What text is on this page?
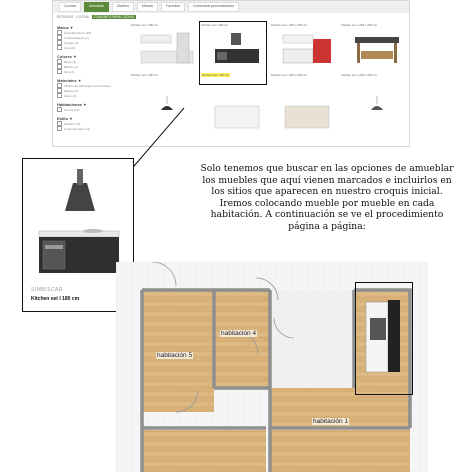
Cocinas	Amueblar	Diseños	Marcas	Favoritos	Contenidos personalizados
ESTUDIOS COCINA	CONJUNTO PARA COCINA
Marca ▾
Amueblamiento (20)
Confortasheets (7)
Garage (3)
Gent (2)
Colores ▾
Beige (3)
Blanco (4)
Gris (2)
Materiales ▾
Tablero de partículas con laminado
Madera (1)
Acero (2)
Habitaciones ▾
Cocina (20)
Estilo ▾
Moderno (5)
Contemporáneo (3)
Kitchen set I 180 cm
Kitchen set I 180 cm
Kitchen set I 180 cm
Kitchen set I 180 cm
Kitchen set L 240 x 200 cm
Kitchen set L 240 x 200 cm
Kitchen set L 240 x 200 cm
Kitchen set L 240 x 200 cm
SIMBISCAR
Kitchen set I 180 cm
Solo tenemos que buscar en las opciones de amueblar los muebles que aquí vienen marcados e incluirlos en los sitios que aparecen en nuestro croquis inicial. Iremos colocando mueble por mueble en cada habitación. A continuación se ve el procedimiento página a página:
habitación 4
habitación 5
habitación 1
